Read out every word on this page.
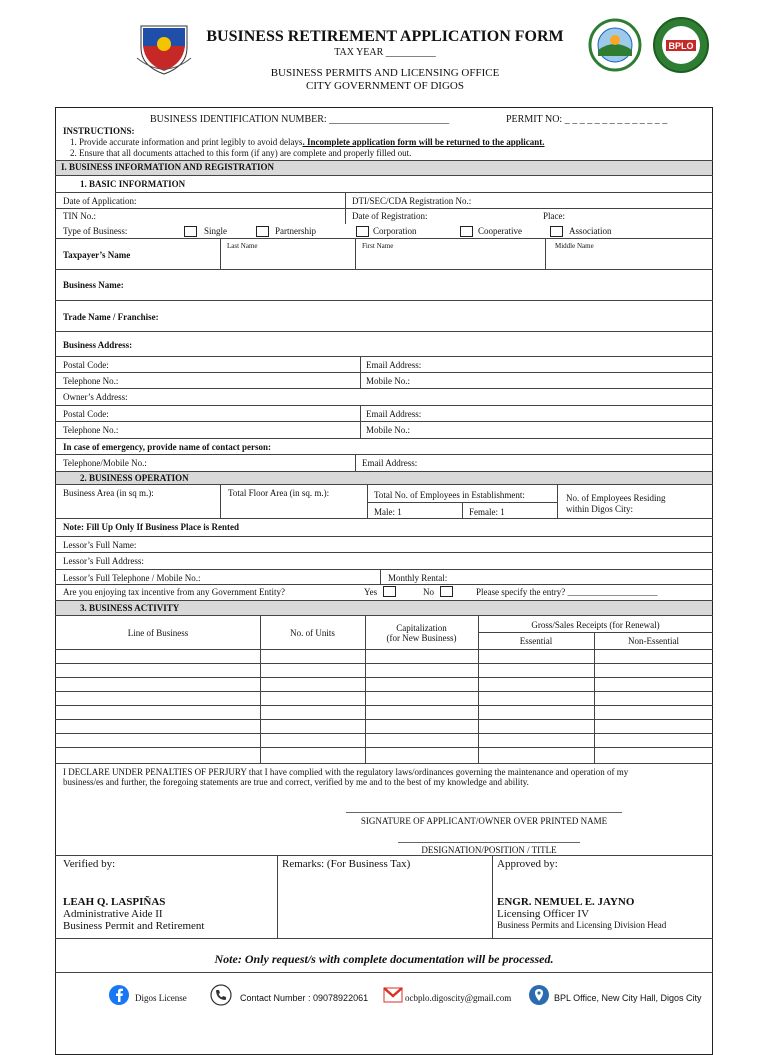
BUSINESS RETIREMENT APPLICATION FORM
TAX YEAR __________
BUSINESS PERMITS AND LICENSING OFFICE
CITY GOVERNMENT OF DIGOS
BPLO
BUSINESS IDENTIFICATION NUMBER: ________________________	PERMIT NO: _ _ _ _ _ _ _ _ _ _ _ _ _ _
INSTRUCTIONS:
1. Provide accurate information and print legibly to avoid delays. Incomplete application form will be returned to the applicant.
2. Ensure that all documents attached to this form (if any) are complete and properly filled out.
I. BUSINESS INFORMATION AND REGISTRATION
1. BASIC INFORMATION
Date of Application:	DTI/SEC/CDA Registration No.:
TIN No.:	Date of Registration:	Place:
Type of Business:	Single	Partnership	Corporation	Cooperative	Association
Last Name	First Name	Middle Name
Taxpayer’s Name
Business Name:
Trade Name / Franchise:
Business Address:
Postal Code:	Email Address:
Telephone No.:	Mobile No.:
Owner’s Address:
Postal Code:	Email Address:
Telephone No.:	Mobile No.:
In case of emergency, provide name of contact person:
Telephone/Mobile No.:	Email Address:
2. BUSINESS OPERATION
Business Area (in sq m.):	Total Floor Area (in sq. m.):	Total No. of Employees in Establishment:	No. of Employees Residing within Digos City:
Male: 1	Female: 1
Note: Fill Up Only If Business Place is Rented
Lessor’s Full Name:
Lessor’s Full Address:
Lessor’s Full Telephone / Mobile No.:	Monthly Rental:
Are you enjoying tax incentive from any Government Entity?	Yes	No	Please specify the entry? ____________________
3. BUSINESS ACTIVITY
Line of Business	No. of Units	Capitalization
(for New Business)
Gross/Sales Receipts (for Renewal)
Essential	Non-Essential
I DECLARE UNDER PENALTIES OF PERJURY that I have complied with the regulatory laws/ordinances governing the maintenance and operation of my
business/es and further, the foregoing statements are true and correct, verified by me and to the best of my knowledge and ability.
SIGNATURE OF APPLICANT/OWNER OVER PRINTED NAME
DESIGNATION/POSITION / TITLE
Verified by:	Remarks: (For Business Tax)	Approved by:
LEAH Q. LASPIÑAS
Administrative Aide II
Business Permit and Retirement
ENGR. NEMUEL E. JAYNO
Licensing Officer IV
Business Permits and Licensing Division Head
Note: Only request/s with complete documentation will be processed.
Digos License	Contact Number : 09078922061	ocbplo.digoscity@gmail.com	BPL Office, New City Hall, Digos City
